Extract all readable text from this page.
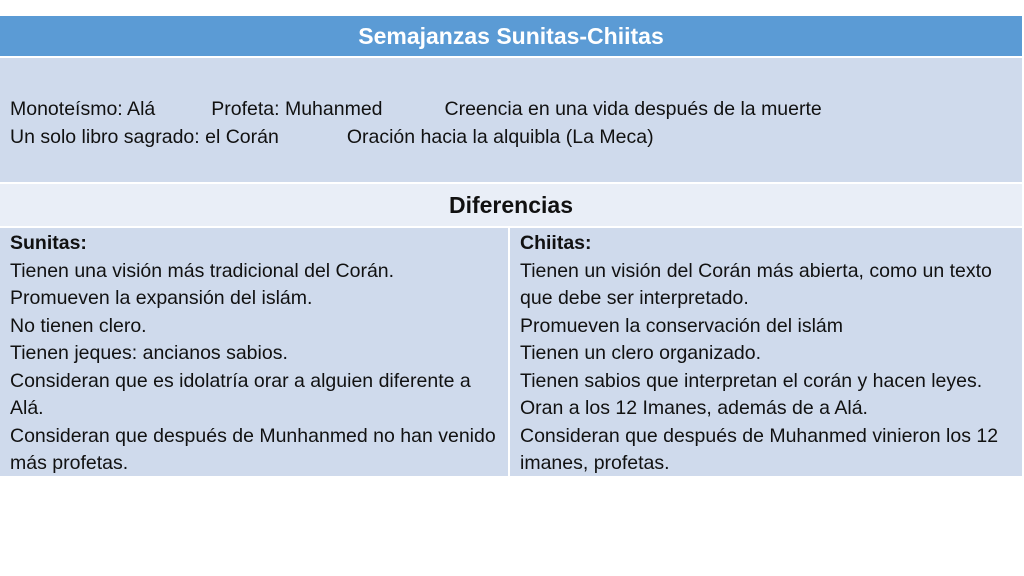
Semajanzas Sunitas-Chiitas
Monoteísmo: Alá	Profeta: Muhanmed	Creencia en una vida después de la muerte
Un solo libro sagrado: el Corán	Oración hacia la alquibla (La Meca)
Diferencias
Sunitas:
Tienen una visión más tradicional del Corán.
Promueven la expansión del islám.
No tienen clero.
Tienen jeques: ancianos sabios.
Consideran que es idolatría orar a alguien diferente a Alá.
Consideran que después de Munhanmed no han venido más profetas.
Chiitas:
Tienen un visión del Corán más abierta, como un texto que debe ser interpretado.
Promueven la conservación del islám
Tienen un clero organizado.
Tienen sabios que interpretan el corán y hacen leyes.
Oran a los 12 Imanes, además de a Alá.
Consideran que después de Muhanmed vinieron los 12 imanes, profetas.
